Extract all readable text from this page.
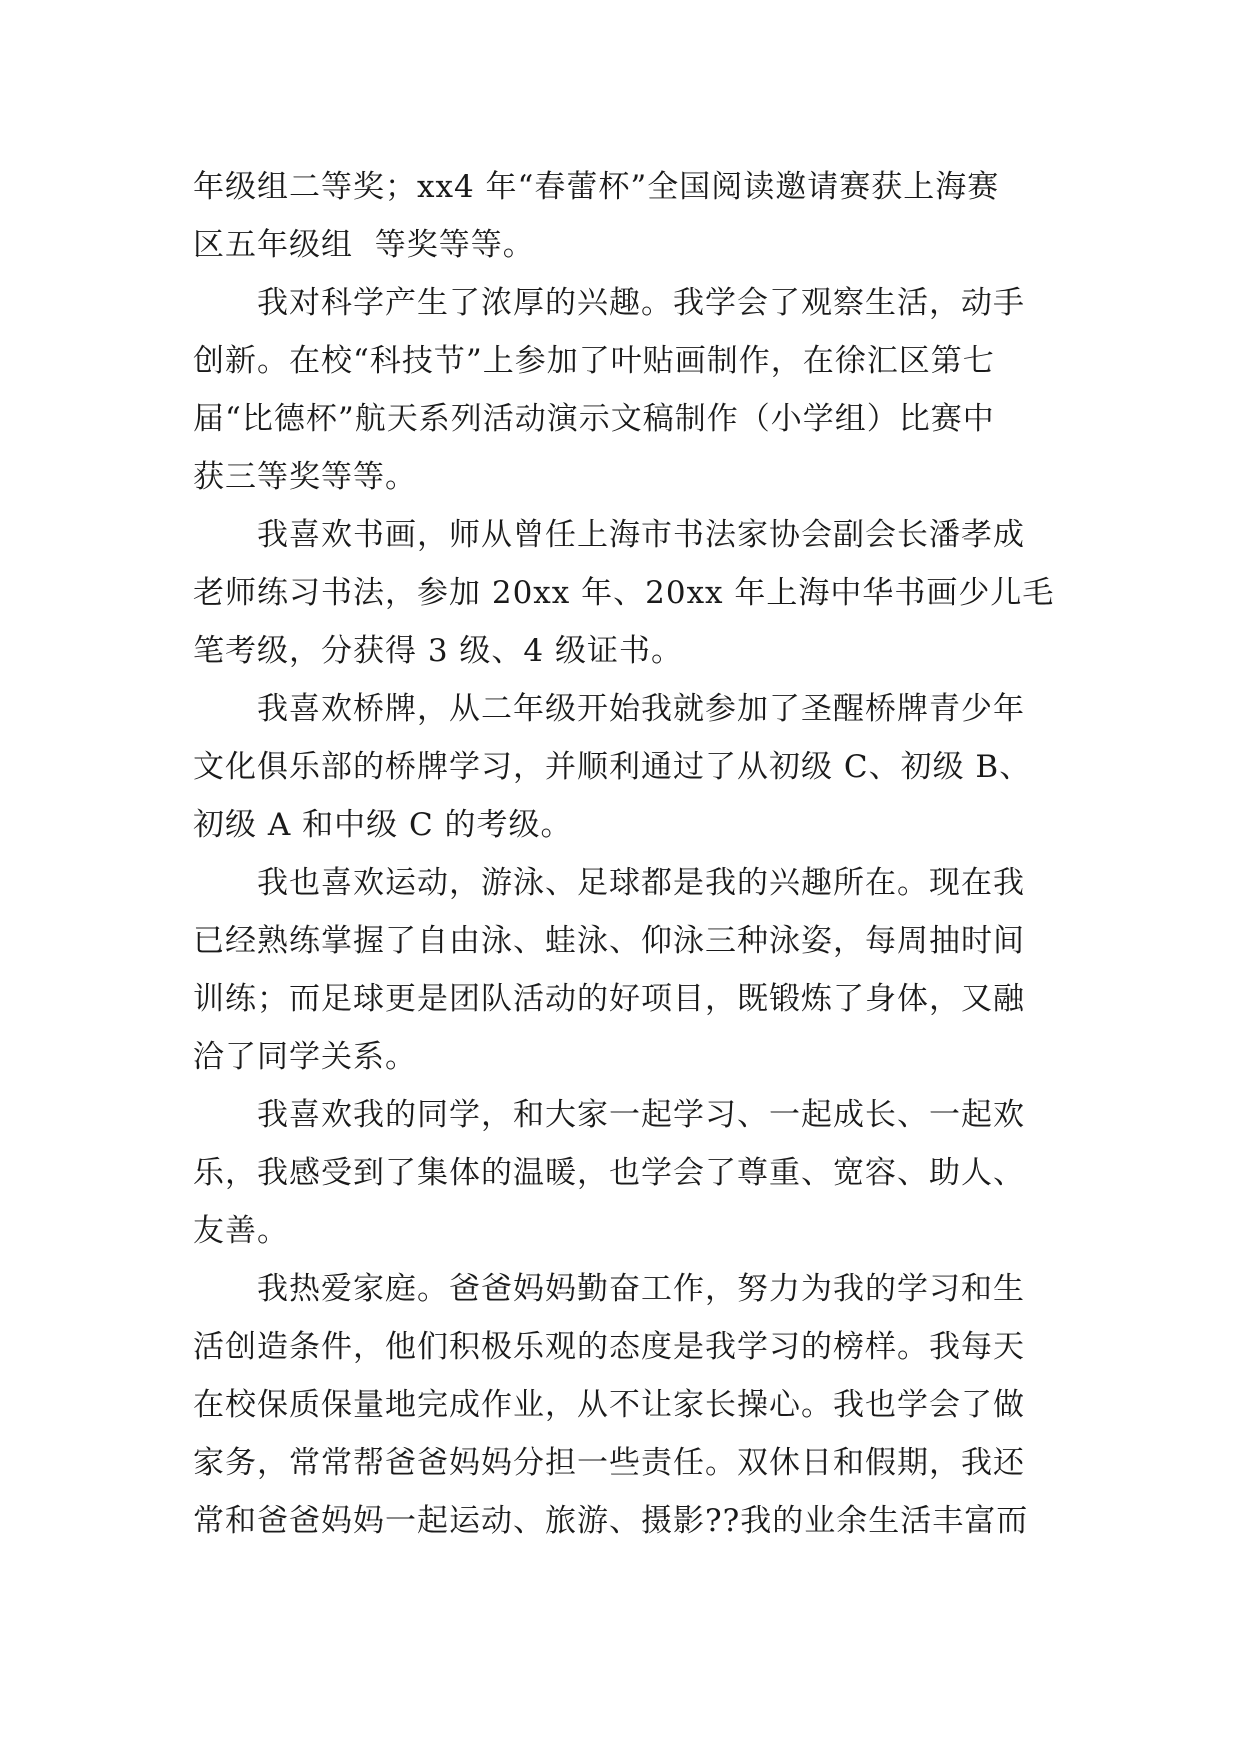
年级组二等奖；xx4 年“春蕾杯”全国阅读邀请赛获上海赛
区五年级组  等奖等等。
我对科学产生了浓厚的兴趣。我学会了观察生活，动手
创新。在校“科技节”上参加了叶贴画制作，在徐汇区第七
届“比德杯”航天系列活动演示文稿制作（小学组）比赛中
获三等奖等等。
我喜欢书画，师从曾任上海市书法家协会副会长潘孝成
老师练习书法，参加 20xx 年、20xx 年上海中华书画少儿毛
笔考级，分获得 3 级、4 级证书。
我喜欢桥牌，从二年级开始我就参加了圣醒桥牌青少年
文化俱乐部的桥牌学习，并顺利通过了从初级 C、初级 B、
初级 A 和中级 C 的考级。
我也喜欢运动，游泳、足球都是我的兴趣所在。现在我
已经熟练掌握了自由泳、蛙泳、仰泳三种泳姿，每周抽时间
训练；而足球更是团队活动的好项目，既锻炼了身体，又融
洽了同学关系。
我喜欢我的同学，和大家一起学习、一起成长、一起欢
乐，我感受到了集体的温暖，也学会了尊重、宽容、助人、
友善。
我热爱家庭。爸爸妈妈勤奋工作，努力为我的学习和生
活创造条件，他们积极乐观的态度是我学习的榜样。我每天
在校保质保量地完成作业，从不让家长操心。我也学会了做
家务，常常帮爸爸妈妈分担一些责任。双休日和假期，我还
常和爸爸妈妈一起运动、旅游、摄影??我的业余生活丰富而
